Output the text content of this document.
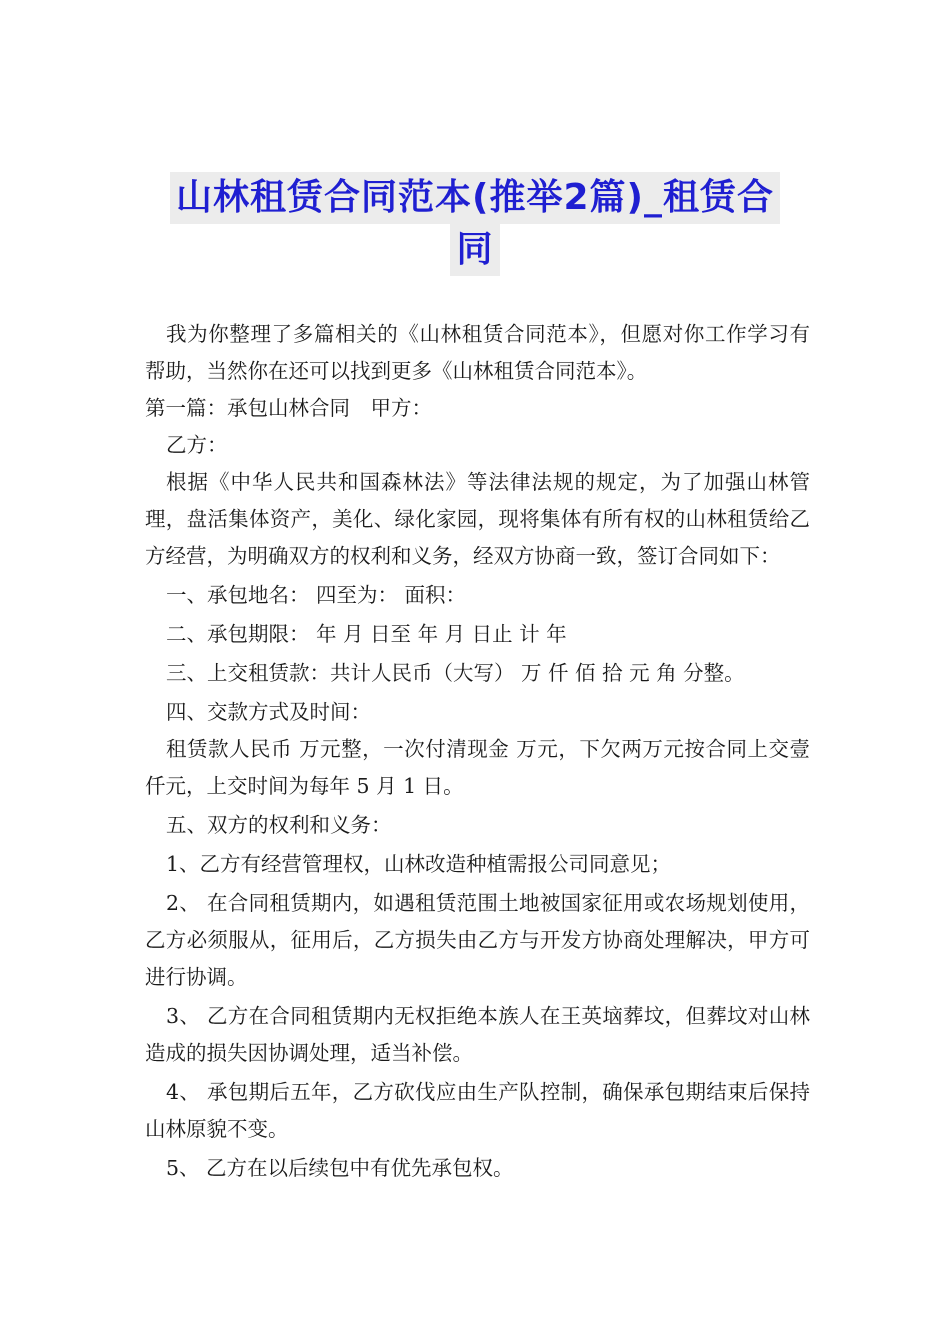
山林租赁合同范本(推举2篇)_租赁合
同

我为你整理了多篇相关的《山林租赁合同范本》，但愿对你工作学习有帮助，当然你在还可以找到更多《山林租赁合同范本》。

第一篇：承包山林合同　甲方：

乙方：

根据《中华人民共和国森林法》等法律法规的规定，为了加强山林管理，盘活集体资产，美化、绿化家园，现将集体有所有权的山林租赁给乙方经营，为明确双方的权利和义务，经双方协商一致，签订合同如下：

一、承包地名： 四至为： 面积：

二、承包期限： 年 月 日至 年 月 日止 计 年

三、上交租赁款：共计人民币（大写） 万 仟 佰 拾 元 角 分整。

四、交款方式及时间：

租赁款人民币 万元整，一次付清现金 万元，下欠两万元按合同上交壹仟元，上交时间为每年 5 月 1 日。

五、双方的权利和义务：

1、乙方有经营管理权，山林改造种植需报公司同意见；

2、 在合同租赁期内，如遇租赁范围土地被国家征用或农场规划使用，乙方必须服从，征用后，乙方损失由乙方与开发方协商处理解决，甲方可进行协调。

3、 乙方在合同租赁期内无权拒绝本族人在王英垴葬坟，但葬坟对山林造成的损失因协调处理，适当补偿。

4、 承包期后五年，乙方砍伐应由生产队控制，确保承包期结束后保持山林原貌不变。

5、 乙方在以后续包中有优先承包权。
